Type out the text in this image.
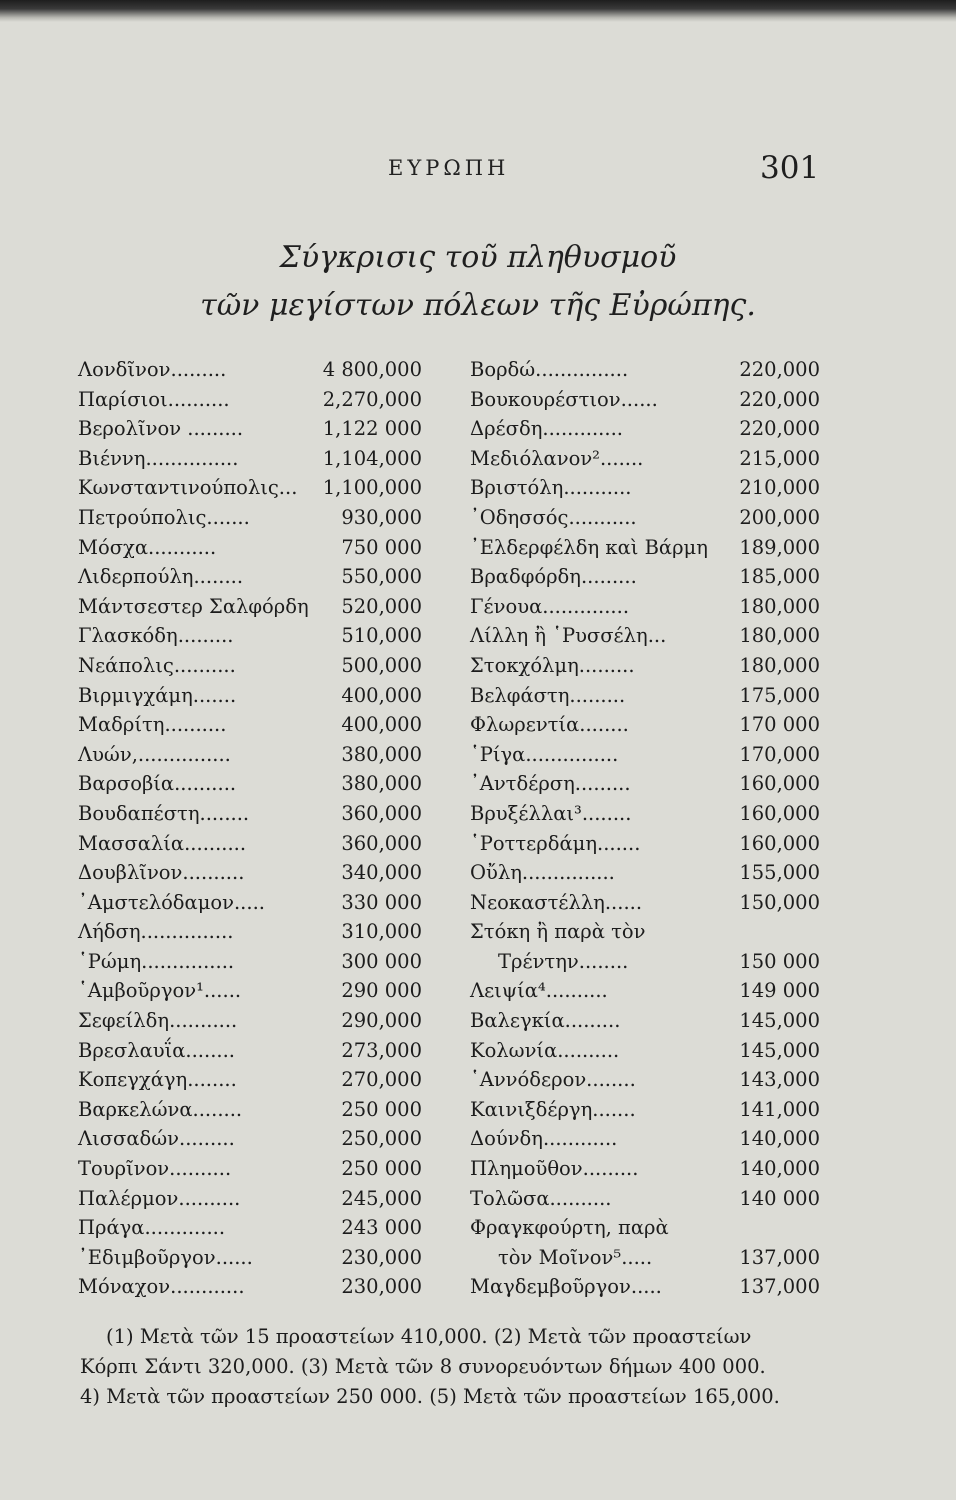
ΕΥΡΩΠΗ	301
Σύγκρισις τοῦ πληθυσμοῦ
τῶν μεγίστων πόλεων τῆς Εὐρώπης.
Λονδῖνον.........	4 800,000
Παρίσιοι..........	2,270,000
Βερολῖνον .........	1,122 000
Βιέννη...............	1,104,000
Κωνσταντινούπολις... 1,100,000
Πετρούπολις.......	930,000
Μόσχα...........	750 000
Λιδερπούλη........	550,000
Μάντσεστερ Σαλφόρδη 520,000
Γλασκόδη.........	510,000
Νεάπολις..........	500,000
Βιρμιγχάμη.......	400,000
Μαδρίτη..........	400,000
Λυών,...............	380,000
Βαρσοβία..........	380,000
Βουδαπέστη........	360,000
Μασσαλία..........	360,000
Δουβλῖνον..........	340,000
᾿Αμστελόδαμον.....	330 000
Λήδση...............	310,000
῾Ρώμη...............	300 000
῾Αμβοῦργον¹......	290 000
Σεφείλδη...........	290,000
Βρεσλαυΐα........	273,000
Κοπεγχάγη........	270,000
Βαρκελώνα........	250 000
Λισσαδών.........	250,000
Τουρῖνον..........	250 000
Παλέρμον..........	245,000
Πράγα.............	243 000
᾿Εδιμβοῦργον......	230,000
Μόναχον............	230,000
Βορδώ...............	220,000
Βουκουρέστιον......	220,000
Δρέσδη.............	220,000
Μεδιόλανον².......	215,000
Βριστόλη...........	210,000
᾿Οδησσός...........	200,000
᾿Ελδερφέλδη καὶ Βάρμη 189,000
Βραδφόρδη.........	185,000
Γένουα..............	180,000
Λίλλη ἢ ῾Ρυσσέλη...	180,000
Στοκχόλμη.........	180,000
Βελφάστη.........	175,000
Φλωρεντία........	170 000
῾Ρίγα...............	170,000
᾿Αντδέρση.........	160,000
Βρυξέλλαι³........	160,000
῾Ροττερδάμη.......	160,000
Οὔλη...............	155,000
Νεοκαστέλλη......	150,000
Στόκη ἢ παρὰ τὸν
Τρέντην........	150 000
Λειψία⁴..........	149 000
Βαλεγκία.........	145,000
Κολωνία..........	145,000
῾Αννόδερον........	143,000
Καινιξδέργη.......	141,000
Δούνδη............	140,000
Πλημοῦθον.........	140,000
Τολῶσα..........	140 000
Φραγκφούρτη, παρὰ
τὸν Μοῖνον⁵.....	137,000
Μαγδεμβοῦργον.....	137,000
(1) Μετὰ τῶν 15 προαστείων 410,000. (2) Μετὰ τῶν προαστείων
Κόρπι Σάντι 320,000. (3) Μετὰ τῶν 8 συνορευόντων δήμων 400 000.
4) Μετὰ τῶν προαστείων 250 000. (5) Μετὰ τῶν προαστείων 165,000.
